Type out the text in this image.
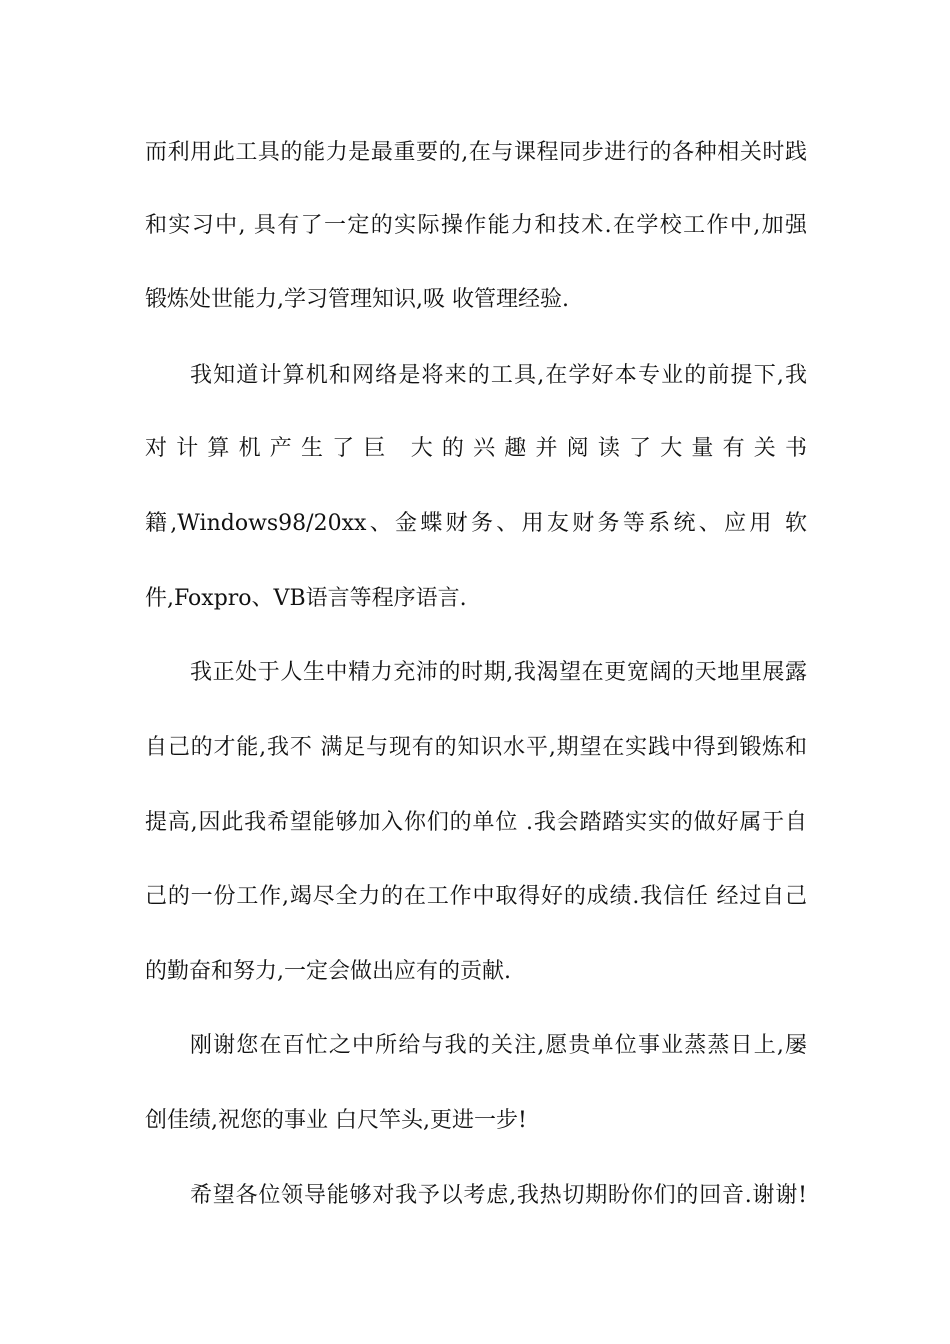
而利用此工具的能力是最重要的,在与课程同步进行的各种相关时践
和实习中, 具有了一定的实际操作能力和技术.在学校工作中,加强
锻炼处世能力,学习管理知识,吸 收管理经验.
我知道计算机和网络是将来的工具,在学好本专业的前提下,我
对计算机产生了巨 大的兴趣并阅读了大量有关书
籍,Windows98/20xx、金蝶财务、用友财务等系统、应用 软
件,Foxpro、VB语言等程序语言.
我正处于人生中精力充沛的时期,我渴望在更宽阔的天地里展露
自己的才能,我不 满足与现有的知识水平,期望在实践中得到锻炼和
提高,因此我希望能够加入你们的单位 .我会踏踏实实的做好属于自
己的一份工作,竭尽全力的在工作中取得好的成绩.我信任 经过自己
的勤奋和努力,一定会做出应有的贡献.
刚谢您在百忙之中所给与我的关注,愿贵单位事业蒸蒸日上,屡
创佳绩,祝您的事业 白尺竿头,更进一步!
希望各位领导能够对我予以考虑,我热切期盼你们的回音.谢谢!
